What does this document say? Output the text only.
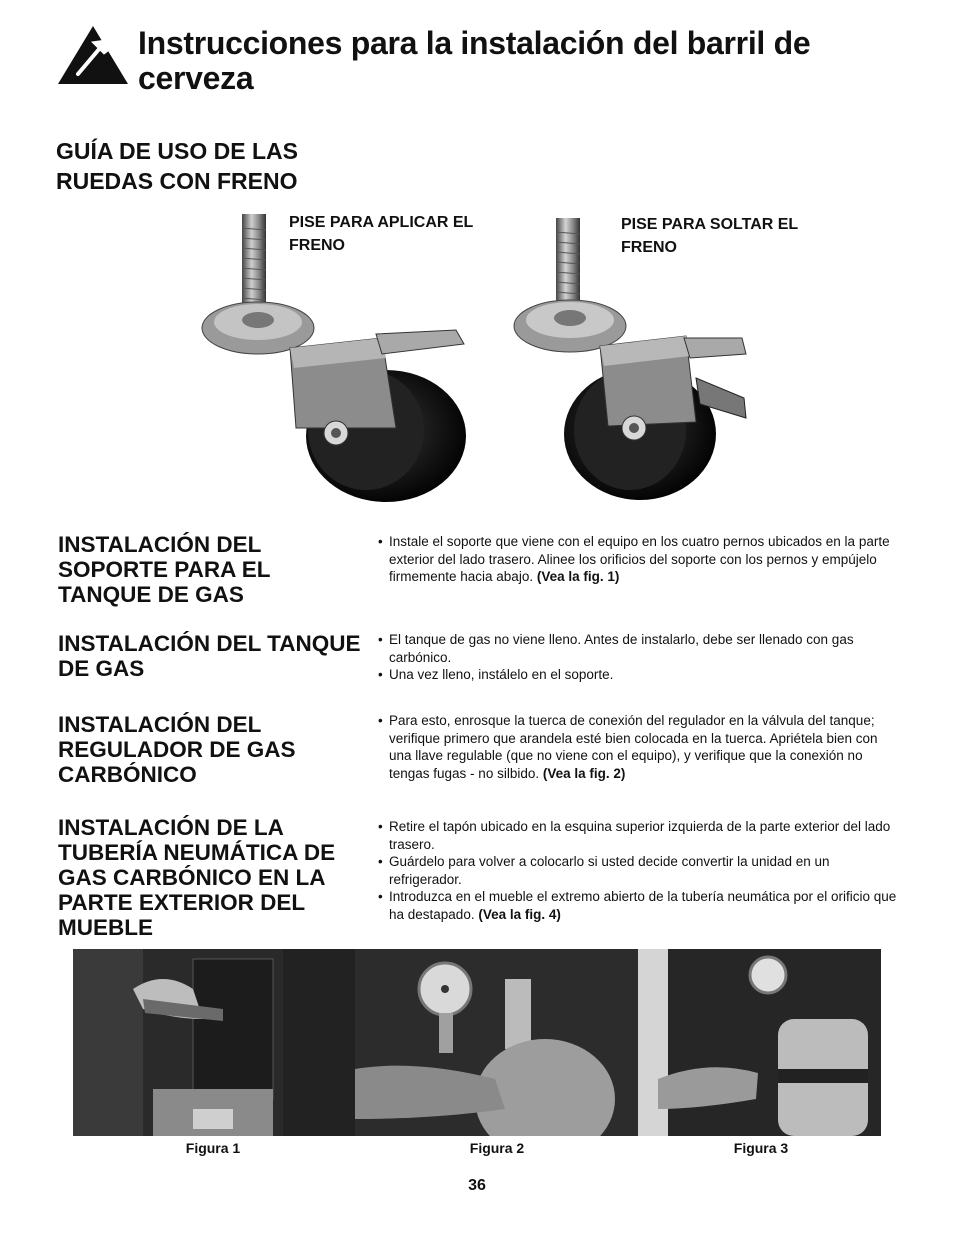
Instrucciones para la instalación del barril de cerveza
GUÍA DE USO DE LAS RUEDAS CON FRENO
PISE PARA APLICAR EL FRENO
PISE PARA SOLTAR EL FRENO
INSTALACIÓN DEL SOPORTE PARA EL TANQUE DE GAS
• Instale el soporte que viene con el equipo en los cuatro pernos ubicados en la parte exterior del lado trasero. Alinee los orificios del soporte con los pernos y empújelo firmemente hacia abajo. (Vea la fig. 1)
INSTALACIÓN DEL TANQUE DE GAS
• El tanque de gas no viene lleno. Antes de instalarlo, debe ser llenado con gas carbónico.
• Una vez lleno, instálelo en el soporte.
INSTALACIÓN DEL REGULADOR DE GAS CARBÓNICO
• Para esto, enrosque la tuerca de conexión del regulador en la válvula del tanque; verifique primero que arandela esté bien colocada en la tuerca. Apriételа bien con una llave regulable (que no viene con el equipo), y verifique que la conexión no tengas fugas - no silbido. (Vea la fig. 2)
INSTALACIÓN DE LA TUBERÍA NEUMÁTICA DE GAS CARBÓNICO EN LA PARTE EXTERIOR DEL MUEBLE
• Retire el tapón ubicado en la esquina superior izquierda de la parte exterior del lado trasero.
• Guárdelo para volver a colocarlo si usted decide convertir la unidad en un refrigerador.
• Introduzca en el mueble el extremo abierto de la tubería neumática por el orificio que ha destapado. (Vea la fig. 4)
Figura 1	Figura 2	Figura 3
36
